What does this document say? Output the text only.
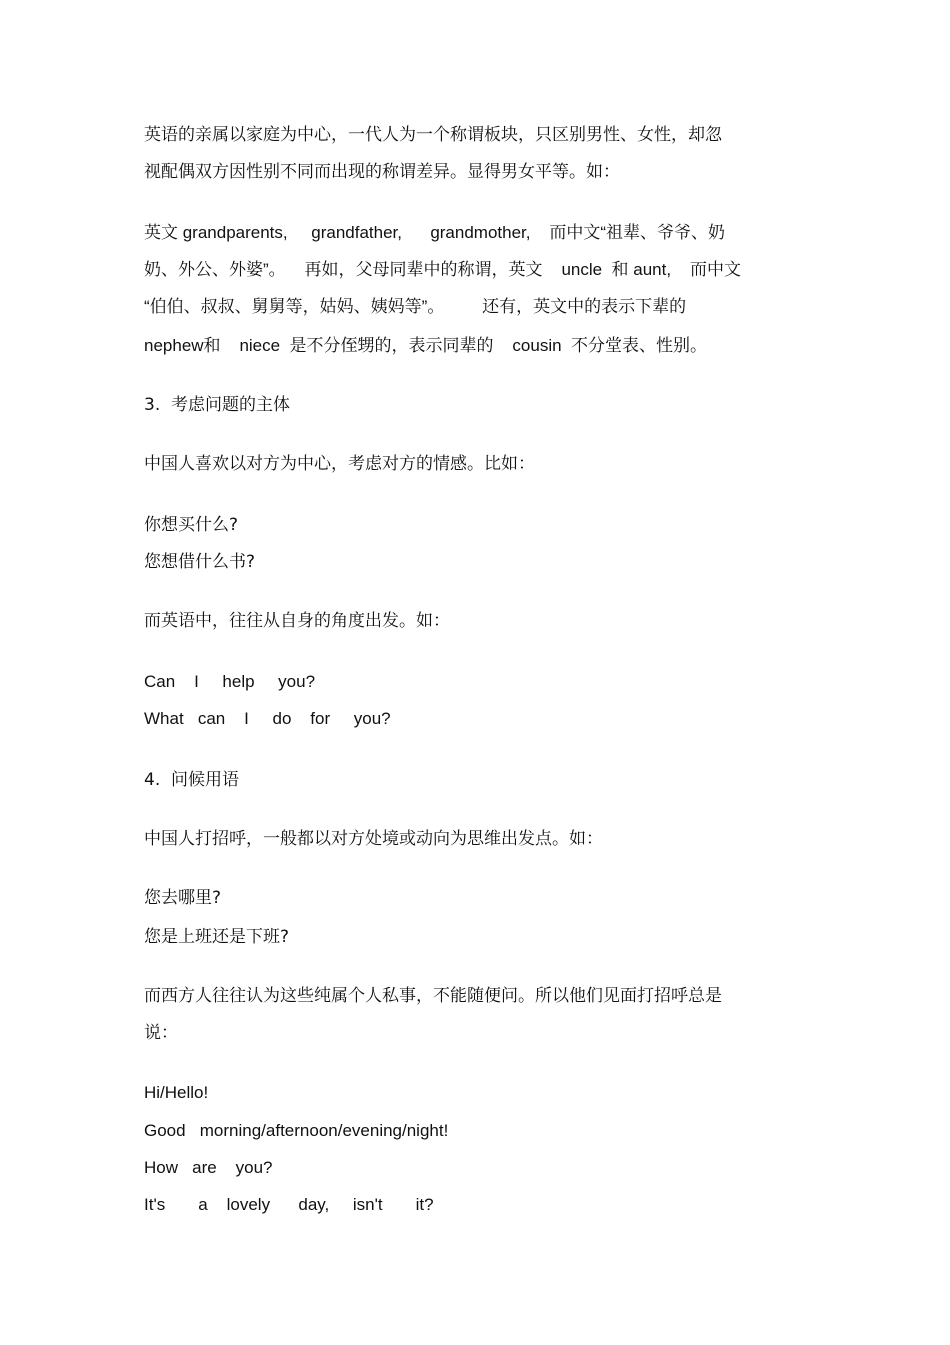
英语的亲属以家庭为中心，一代人为一个称谓板块，只区别男性、女性，却忽

视配偶双方因性别不同而出现的称谓差异。显得男女平等。如：

英文 grandparents,     grandfather,      grandmother,    而中文“祖辈、爷爷、奶

奶、外公、外婆”。    再如，父母同辈中的称谓，英文    uncle  和 aunt,    而中文

“伯伯、叔叔、舅舅等，姑妈、姨妈等”。        还有，英文中的表示下辈的

nephew和    niece  是不分侄甥的，表示同辈的    cousin  不分堂表、性别。

3.  考虑问题的主体

中国人喜欢以对方为中心，考虑对方的情感。比如：

你想买什么?

您想借什么书?

而英语中，往往从自身的角度出发。如：

Can    I     help     you?

What   can    I     do    for     you?

4.  问候用语

中国人打招呼，一般都以对方处境或动向为思维出发点。如：

您去哪里?

您是上班还是下班?

而西方人往往认为这些纯属个人私事，不能随便问。所以他们见面打招呼总是

说：

Hi/Hello!

Good   morning/afternoon/evening/night!

How   are    you?

It's       a    lovely      day,     isn't       it?
